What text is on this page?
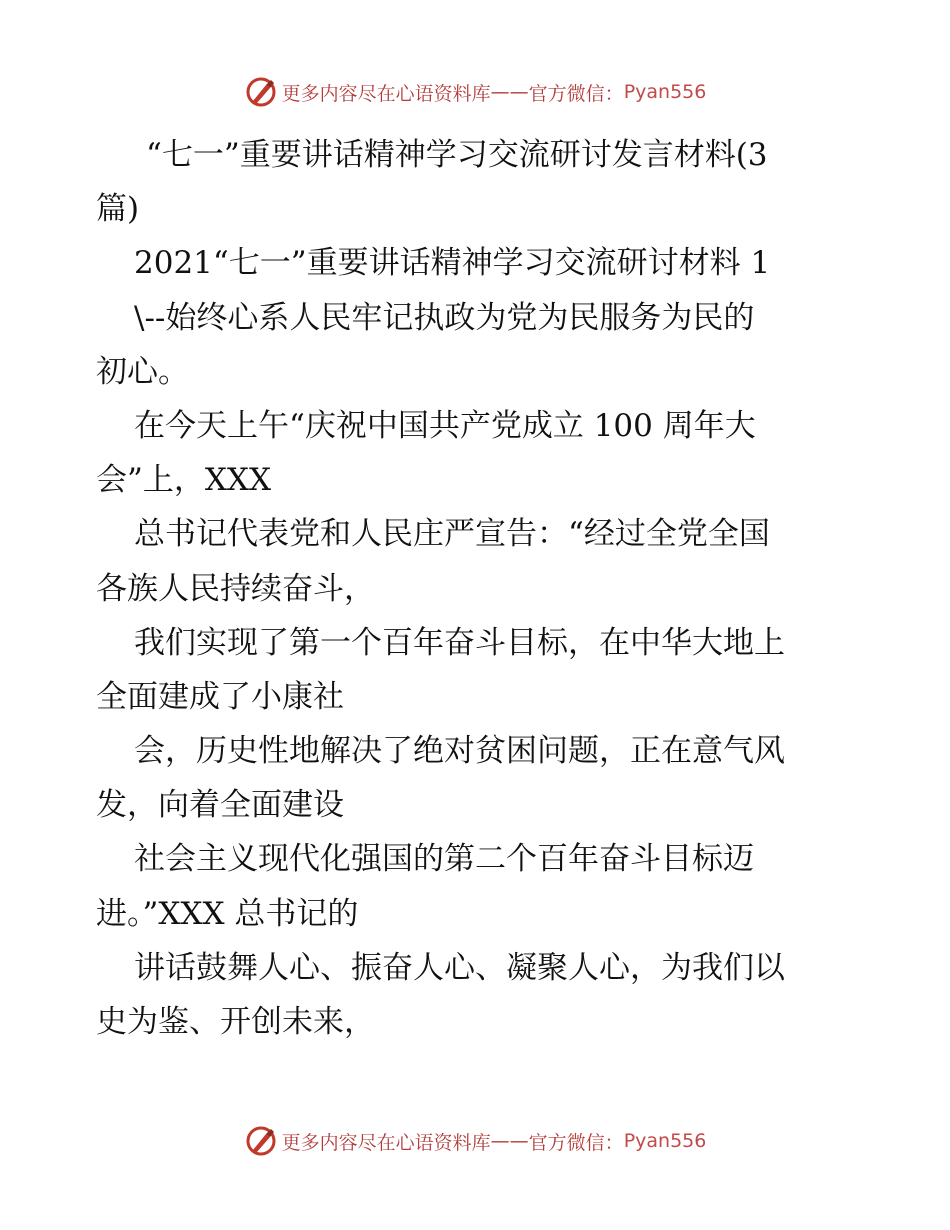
更多内容尽在心语资料库 —— 官方微信： Pyan556
“七一”重要讲话精神学习交流研讨发言材料(3
篇)
2021“七一”重要讲话精神学习交流研讨材料 1
\--始终心系人民牢记执政为党为民服务为民的
初心。
在今天上午“庆祝中国共产党成立 100 周年大
会”上，XXX
总书记代表党和人民庄严宣告：“经过全党全国
各族人民持续奋斗，
我们实现了第一个百年奋斗目标，在中华大地上
全面建成了小康社
会，历史性地解决了绝对贫困问题，正在意气风
发，向着全面建设
社会主义现代化强国的第二个百年奋斗目标迈
进。”XXX 总书记的
讲话鼓舞人心、振奋人心、凝聚人心，为我们以
史为鉴、开创未来，
更多内容尽在心语资料库 —— 官方微信： Pyan556
